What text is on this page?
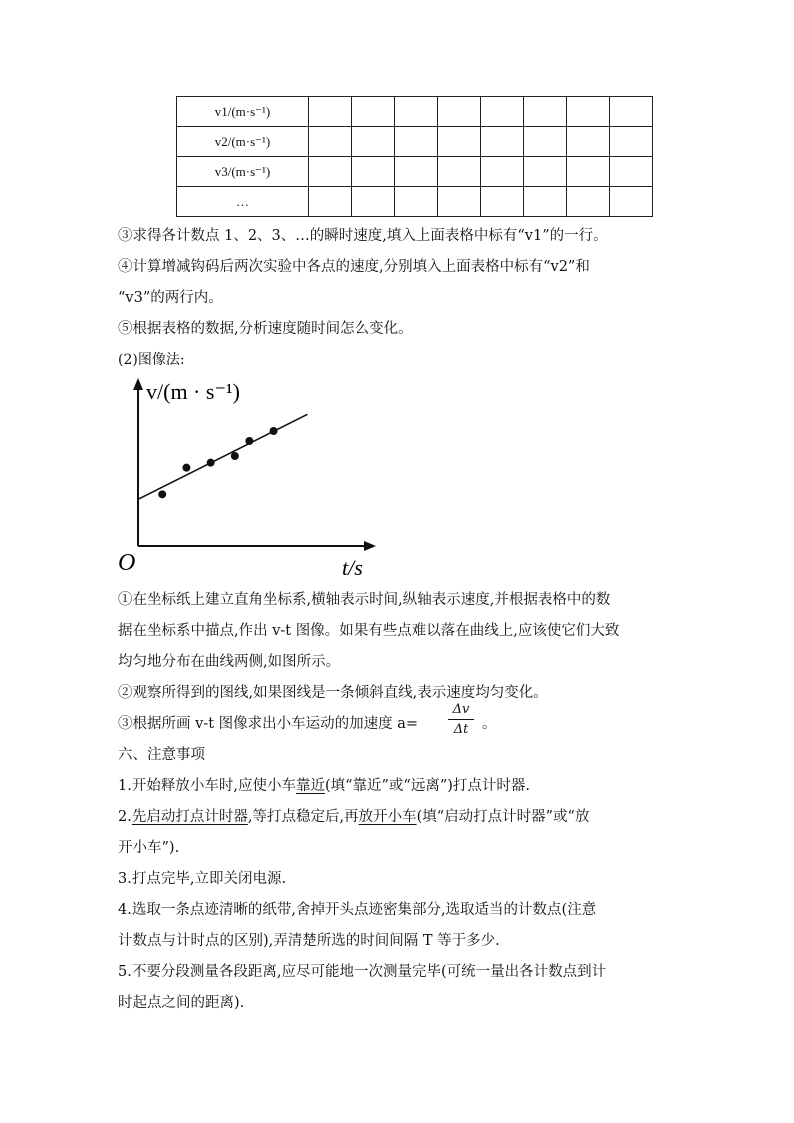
v1/(m·s⁻¹)								
v2/(m·s⁻¹)								
v3/(m·s⁻¹)								
…								
③求得各计数点 1、2、3、…的瞬时速度,填入上面表格中标有“v1”的一行。
④计算增减钩码后两次实验中各点的速度,分别填入上面表格中标有“v2”和
“v3”的两行内。
⑤根据表格的数据,分析速度随时间怎么变化。
(2)图像法:
v/(m · s⁻¹)
t/s
O
①在坐标纸上建立直角坐标系,横轴表示时间,纵轴表示速度,并根据表格中的数
据在坐标系中描点,作出 v-t 图像。如果有些点难以落在曲线上,应该使它们大致
均匀地分布在曲线两侧,如图所示。
②观察所得到的图线,如果图线是一条倾斜直线,表示速度均匀变化。
③根据所画 v-t 图像求出小车运动的加速度 a=
Δv
Δt 。
六、注意事项
1.开始释放小车时,应使小车靠近(填“靠近”或“远离”)打点计时器.
2.先启动打点计时器,等打点稳定后,再放开小车(填“启动打点计时器”或“放
开小车”).
3.打点完毕,立即关闭电源.
4.选取一条点迹清晰的纸带,舍掉开头点迹密集部分,选取适当的计数点(注意
计数点与计时点的区别),弄清楚所选的时间间隔 T 等于多少.
5.不要分段测量各段距离,应尽可能地一次测量完毕(可统一量出各计数点到计
时起点之间的距离).
